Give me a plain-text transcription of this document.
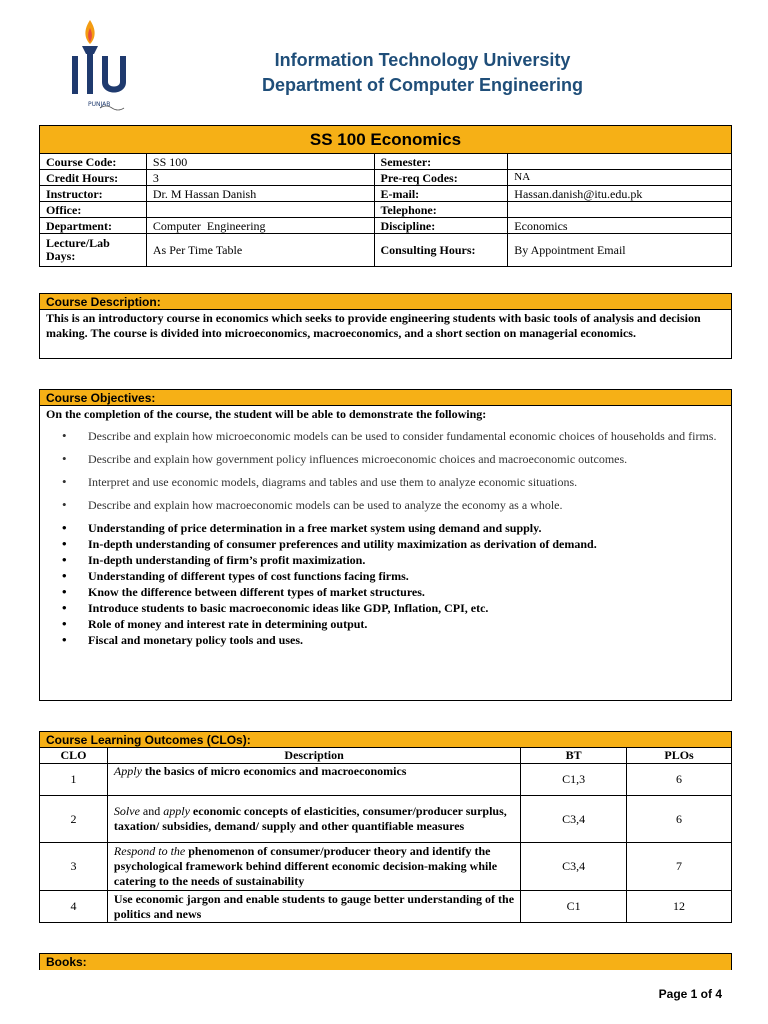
PUNJAB
Information Technology University
Department of Computer Engineering
SS 100 Economics			
Course Code:	SS 100	Semester:	
Credit Hours:	3	Pre-req Codes:	NA
Instructor:	Dr. M Hassan Danish	E-mail:	Hassan.danish@itu.edu.pk
Office:		Telephone:	
Department:	Computer  Engineering	Discipline:	Economics
Lecture/Lab Days:	As Per Time Table	Consulting Hours:	By Appointment Email
Course Description:
This is an introductory course in economics which seeks to provide engineering students with basic tools of analysis and decision making. The course is divided into microeconomics, macroeconomics, and a short section on managerial economics.
Course Objectives:
On the completion of the course, the student will be able to demonstrate the following:
• Describe and explain how microeconomic models can be used to consider fundamental economic choices of households and firms.
• Describe and explain how government policy influences microeconomic choices and macroeconomic outcomes.
• Interpret and use economic models, diagrams and tables and use them to analyze economic situations.
• Describe and explain how macroeconomic models can be used to analyze the economy as a whole.
• Understanding of price determination in a free market system using demand and supply.
• In-depth understanding of consumer preferences and utility maximization as derivation of demand.
• In-depth understanding of firm’s profit maximization.
• Understanding of different types of cost functions facing firms.
• Know the difference between different types of market structures.
• Introduce students to basic macroeconomic ideas like GDP, Inflation, CPI, etc.
• Role of money and interest rate in determining output.
• Fiscal and monetary policy tools and uses.
Course Learning Outcomes (CLOs):			
CLO	Description	BT	PLOs
1	Apply the basics of micro economics and macroeconomics	C1,3	6
2	Solve and apply economic concepts of elasticities, consumer/producer surplus, taxation/ subsidies, demand/ supply and other quantifiable measures	C3,4	6
3	Respond to the phenomenon of consumer/producer theory and identify the psychological framework behind different economic decision-making while catering to the needs of sustainability	C3,4	7
4	Use economic jargon and enable students to gauge better understanding of the politics and news	C1	12
Books:
Page 1 of 4
